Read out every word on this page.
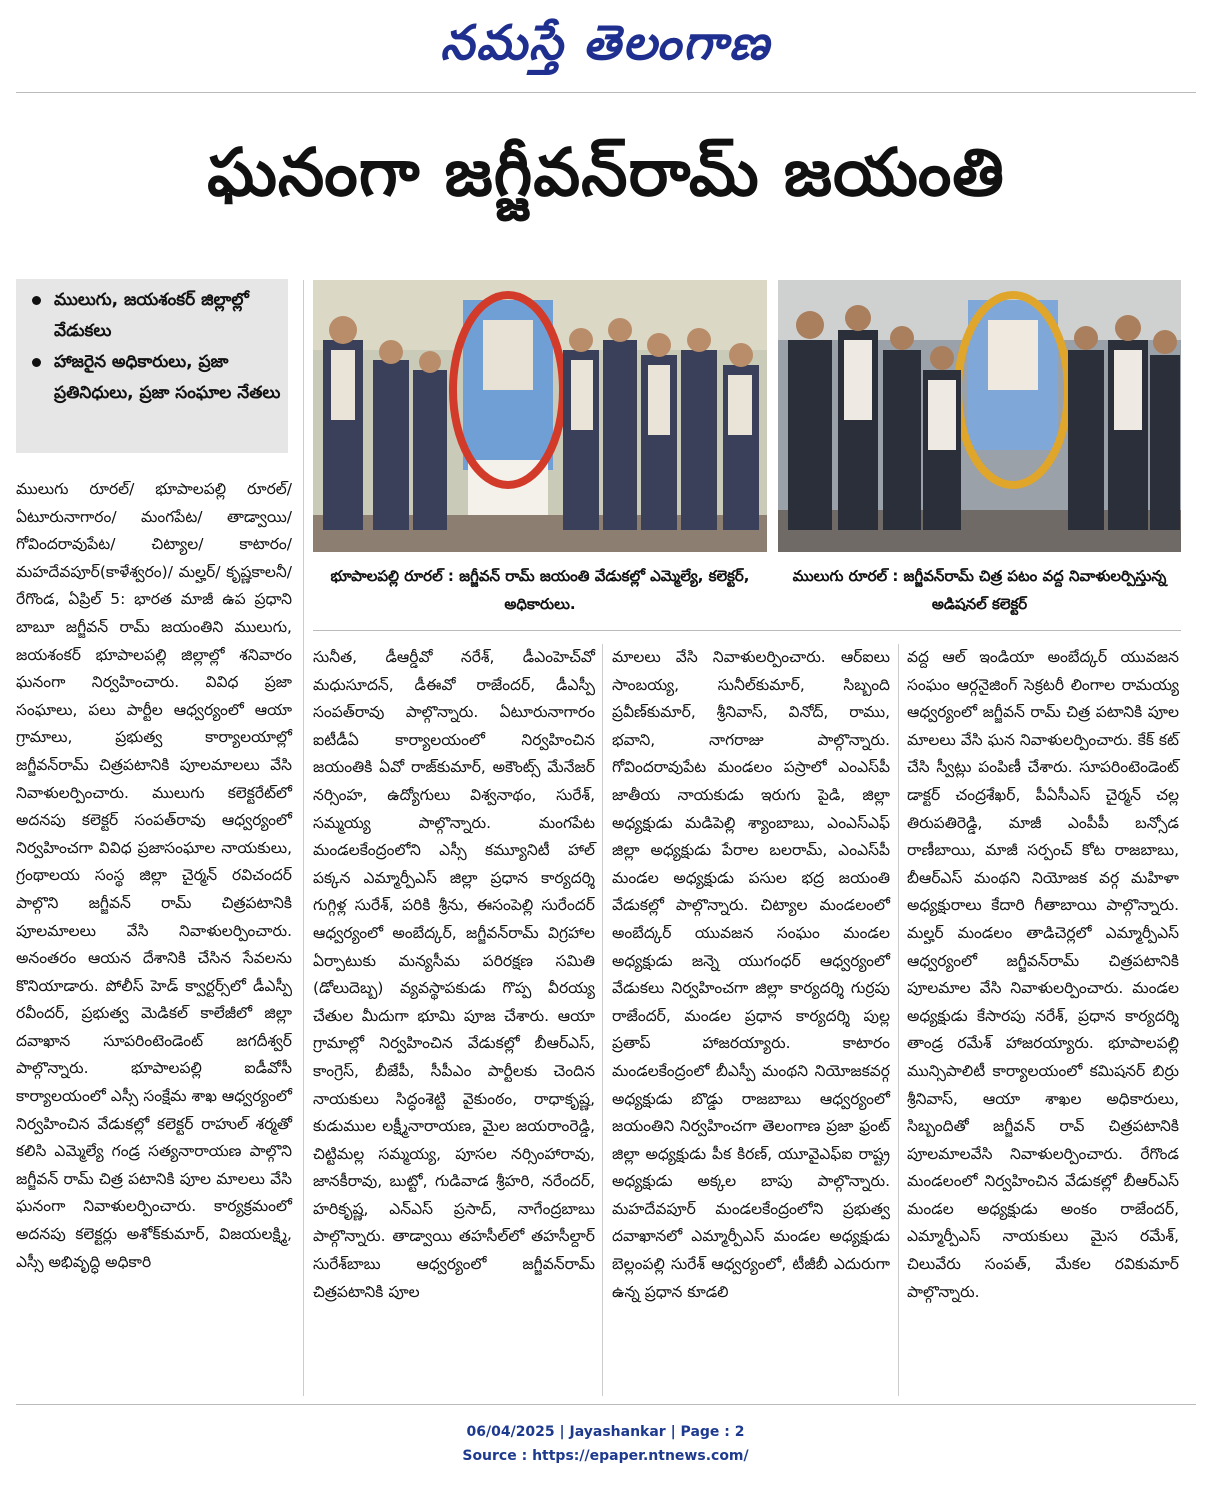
నమస్తే తెలంగాణ
ఘనంగా జగ్జీవన్‌రామ్ జయంతి
ములుగు, జయశంకర్ జిల్లాల్లో వేడుకలు
హాజరైన అధికారులు, ప్రజా ప్రతినిధులు, ప్రజా సంఘాల నేతలు
భూపాలపల్లి రూరల్ : జగ్జీవన్ రామ్ జయంతి వేడుకల్లో ఎమ్మెల్యే, కలెక్టర్, అధికారులు.
ములుగు రూరల్ : జగ్జీవన్‌రామ్ చిత్ర పటం వద్ద నివాళులర్పిస్తున్న అడిషనల్ కలెక్టర్
ములుగు రూరల్/ భూపాలపల్లి రూరల్/ ఏటూరునాగారం/ మంగపేట/ తాడ్వాయి/ గోవిందరావుపేట/ చిట్యాల/ కాటారం/ మహదేవపూర్(కాళేశ్వరం)/ మల్హర్/ కృష్ణకాలనీ/ రేగొండ, ఏప్రిల్ 5: భారత మాజీ ఉప ప్రధాని బాబూ జగ్జీవన్ రామ్ జయంతిని ములుగు, జయశంకర్ భూపాలపల్లి జిల్లాల్లో శనివారం ఘనంగా నిర్వహించారు. వివిధ ప్రజా సంఘాలు, పలు పార్టీల ఆధ్వర్యంలో ఆయా గ్రామాలు, ప్రభుత్వ కార్యాలయాల్లో జగ్జీవన్‌రామ్ చిత్రపటానికి పూలమాలలు వేసి నివాళులర్పించారు. ములుగు కలెక్టరేట్‌లో అదనపు కలెక్టర్ సంపత్‌రావు ఆధ్వర్యంలో నిర్వహించగా వివిధ ప్రజాసంఘాల నాయకులు, గ్రంథాలయ సంస్థ జిల్లా చైర్మన్ రవిచందర్ పాల్గొని జగ్జీవన్ రామ్ చిత్రపటానికి పూలమాలలు వేసి నివాళులర్పించారు. అనంతరం ఆయన దేశానికి చేసిన సేవలను కొనియాడారు. పోలీస్ హెడ్ క్వార్టర్స్‌లో డీఎస్పీ రవీందర్, ప్రభుత్వ మెడికల్ కాలేజీలో జిల్లా దవాఖాన సూపరింటెండెంట్ జగదీశ్వర్ పాల్గొన్నారు. భూపాలపల్లి ఐడీవోసీ కార్యాలయంలో ఎస్సీ సంక్షేమ శాఖ ఆధ్వర్యంలో నిర్వహించిన వేడుకల్లో కలెక్టర్ రాహుల్ శర్మతో కలిసి ఎమ్మెల్యే గండ్ర సత్యనారాయణ పాల్గొని జగ్జీవన్ రామ్ చిత్ర పటానికి పూల మాలలు వేసి ఘనంగా నివాళులర్పించారు. కార్యక్రమంలో అదనపు కలెక్టర్లు అశోక్‌కుమార్, విజయలక్ష్మి, ఎస్సీ అభివృద్ధి అధికారి
సునీత, డీఆర్డీవో నరేశ్, డీఎంహెచ్‌వో మధుసూదన్, డీఈవో రాజేందర్, డీఎస్పీ సంపత్‌రావు పాల్గొన్నారు. ఏటూరునాగారం ఐటీడీఏ కార్యాలయంలో నిర్వహించిన జయంతికి ఏవో రాజ్‌కుమార్, అకౌంట్స్ మేనేజర్ నర్సింహ, ఉద్యోగులు విశ్వనాథం, సురేశ్, సమ్మయ్య పాల్గొన్నారు. మంగపేట మండలకేంద్రంలోని ఎస్సీ కమ్యూనిటీ హాల్ పక్కన ఎమ్మార్పీఎస్ జిల్లా ప్రధాన కార్యదర్శి గుగ్గిళ్ల సురేశ్, పరికి శ్రీను, ఈసంపెల్లి సురేందర్ ఆధ్వర్యంలో అంబేద్కర్, జగ్జీవన్‌రామ్ విగ్రహాల ఏర్పాటుకు మన్యసీమ పరిరక్షణ సమితి (డోలుదెబ్బ) వ్యవస్థాపకుడు గొప్ప వీరయ్య చేతుల మీదుగా భూమి పూజ చేశారు. ఆయా గ్రామాల్లో నిర్వహించిన వేడుకల్లో బీఆర్‌ఎస్, కాంగ్రెస్, బీజేపీ, సీపీఎం పార్టీలకు చెందిన నాయకులు సిద్ధంశెట్టి వైకుంఠం, రాధాకృష్ణ, కుడుముల లక్ష్మీనారాయణ, మైల జయరాంరెడ్డి, చిట్టిమల్ల సమ్మయ్య, పూసల నర్సింహారావు, జానకీరావు, బుట్టో, గుడివాడ శ్రీహరి, నరేందర్, హరికృష్ణ, ఎన్‌ఎస్ ప్రసాద్, నాగేంద్రబాబు పాల్గొన్నారు. తాడ్వాయి తహసీల్‌లో తహసీల్దార్ సురేశ్‌బాబు ఆధ్వర్యంలో జగ్జీవన్‌రామ్ చిత్రపటానికి పూల
మాలలు వేసి నివాళులర్పించారు. ఆర్‌ఐలు సాంబయ్య, సునీల్‌కుమార్, సిబ్బంది ప్రవీణ్‌కుమార్, శ్రీనివాస్, వినోద్, రాము, భవాని, నాగరాజు పాల్గొన్నారు. గోవిందరావుపేట మండలం పస్రాలో ఎంఎస్‌పీ జాతీయ నాయకుడు ఇరుగు పైడి, జిల్లా అధ్యక్షుడు మడిపెల్లి శ్యాంబాబు, ఎంఎస్‌ఎఫ్ జిల్లా అధ్యక్షుడు పేరాల బలరామ్, ఎంఎస్‌పీ మండల అధ్యక్షుడు పసుల భద్ర జయంతి వేడుకల్లో పాల్గొన్నారు. చిట్యాల మండలంలో అంబేద్కర్ యువజన సంఘం మండల అధ్యక్షుడు జన్నె యుగంధర్ ఆధ్వర్యంలో వేడుకలు నిర్వహించగా జిల్లా కార్యదర్శి గుర్రపు రాజేందర్, మండల ప్రధాన కార్యదర్శి పుల్ల ప్రతాప్ హాజరయ్యారు. కాటారం మండలకేంద్రంలో బీఎస్పీ మంథని నియోజకవర్గ అధ్యక్షుడు బొడ్డు రాజబాబు ఆధ్వర్యంలో జయంతిని నిర్వహించగా తెలంగాణ ప్రజా ఫ్రంట్ జిల్లా అధ్యక్షుడు పీక కిరణ్, యూవైఎఫ్ఐ రాష్ట్ర అధ్యక్షుడు అక్కల బాపు పాల్గొన్నారు. మహదేవపూర్ మండలకేంద్రంలోని ప్రభుత్వ దవాఖానలో ఎమ్మార్పీఎస్ మండల అధ్యక్షుడు బెల్లంపల్లి సురేశ్ ఆధ్వర్యంలో, టీజీబీ ఎదురుగా ఉన్న ప్రధాన కూడలి
వద్ద ఆల్ ఇండియా అంబేద్కర్ యువజన సంఘం ఆర్గనైజింగ్ సెక్రటరీ లింగాల రామయ్య ఆధ్వర్యంలో జగ్జీవన్ రామ్ చిత్ర పటానికి పూల మాలలు వేసి ఘన నివాళులర్పించారు. కేక్ కట్ చేసి స్వీట్లు పంపిణీ చేశారు. సూపరింటెండెంట్ డాక్టర్ చంద్రశేఖర్, పీఏసీఎస్ చైర్మన్ చల్ల తిరుపతిరెడ్డి, మాజీ ఎంపీపీ బన్సోడ రాణీబాయి, మాజీ సర్పంచ్ కోట రాజబాబు, బీఆర్‌ఎస్ మంథని నియోజక వర్గ మహిళా అధ్యక్షురాలు కేదారి గీతాబాయి పాల్గొన్నారు. మల్హర్ మండలం తాడిచెర్లలో ఎమ్మార్పీఎస్ ఆధ్వర్యంలో జగ్జీవన్‌రామ్ చిత్రపటానికి పూలమాల వేసి నివాళులర్పించారు. మండల అధ్యక్షుడు కేసారపు నరేశ్, ప్రధాన కార్యదర్శి తాండ్ర రమేశ్ హాజరయ్యారు. భూపాలపల్లి మున్సిపాలిటీ కార్యాలయంలో కమిషనర్ బిర్రు శ్రీనివాస్, ఆయా శాఖల అధికారులు, సిబ్బందితో జగ్జీవన్ రావ్ చిత్రపటానికి పూలమాలవేసి నివాళులర్పించారు. రేగొండ మండలంలో నిర్వహించిన వేడుకల్లో బీఆర్‌ఎస్ మండల అధ్యక్షుడు అంకం రాజేందర్, ఎమ్మార్పీఎస్ నాయకులు మైస రమేశ్, చిలువేరు సంపత్, మేకల రవికుమార్ పాల్గొన్నారు.
06/04/2025 | Jayashankar | Page : 2
Source : https://epaper.ntnews.com/
